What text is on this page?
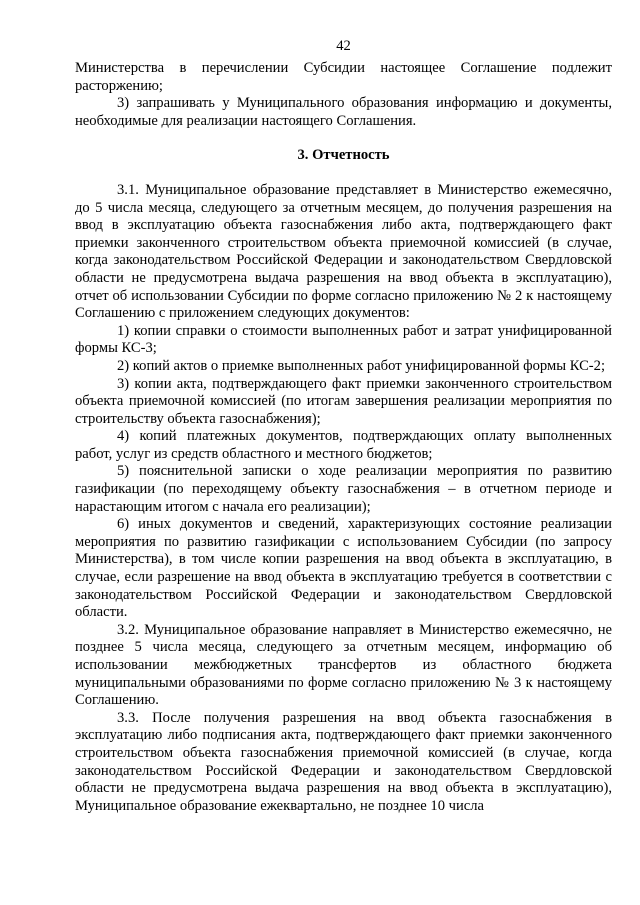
42

Министерства в перечислении Субсидии настоящее Соглашение подлежит расторжению;

3) запрашивать у Муниципального образования информацию и документы, необходимые для реализации настоящего Соглашения.

3. Отчетность

3.1. Муниципальное образование представляет в Министерство ежемесячно, до 5 числа месяца, следующего за отчетным месяцем, до получения разрешения на ввод в эксплуатацию объекта газоснабжения либо акта, подтверждающего факт приемки законченного строительством объекта приемочной комиссией (в случае, когда законодательством Российской Федерации и законодательством Свердловской области не предусмотрена выдача разрешения на ввод объекта в эксплуатацию), отчет об использовании Субсидии по форме согласно приложению № 2 к настоящему Соглашению с приложением следующих документов:

1) копии справки о стоимости выполненных работ и затрат унифицированной формы КС-3;

2) копий актов о приемке выполненных работ унифицированной формы КС-2;

3) копии акта, подтверждающего факт приемки законченного строительством объекта приемочной комиссией (по итогам завершения реализации мероприятия по строительству объекта газоснабжения);

4) копий платежных документов, подтверждающих оплату выполненных работ, услуг из средств областного и местного бюджетов;

5) пояснительной записки о ходе реализации мероприятия по развитию газификации (по переходящему объекту газоснабжения – в отчетном периоде и нарастающим итогом с начала его реализации);

6) иных документов и сведений, характеризующих состояние реализации мероприятия по развитию газификации с использованием Субсидии (по запросу Министерства), в том числе копии разрешения на ввод объекта в эксплуатацию, в случае, если разрешение на ввод объекта в эксплуатацию требуется в соответствии с законодательством Российской Федерации и законодательством Свердловской области.

3.2. Муниципальное образование направляет в Министерство ежемесячно, не позднее 5 числа месяца, следующего за отчетным месяцем, информацию об использовании межбюджетных трансфертов из областного бюджета муниципальными образованиями по форме согласно приложению № 3 к настоящему Соглашению.

3.3. После получения разрешения на ввод объекта газоснабжения в эксплуатацию либо подписания акта, подтверждающего факт приемки законченного строительством объекта газоснабжения приемочной комиссией (в случае, когда законодательством Российской Федерации и законодательством Свердловской области не предусмотрена выдача разрешения на ввод объекта в эксплуатацию), Муниципальное образование ежеквартально, не позднее 10 числа
